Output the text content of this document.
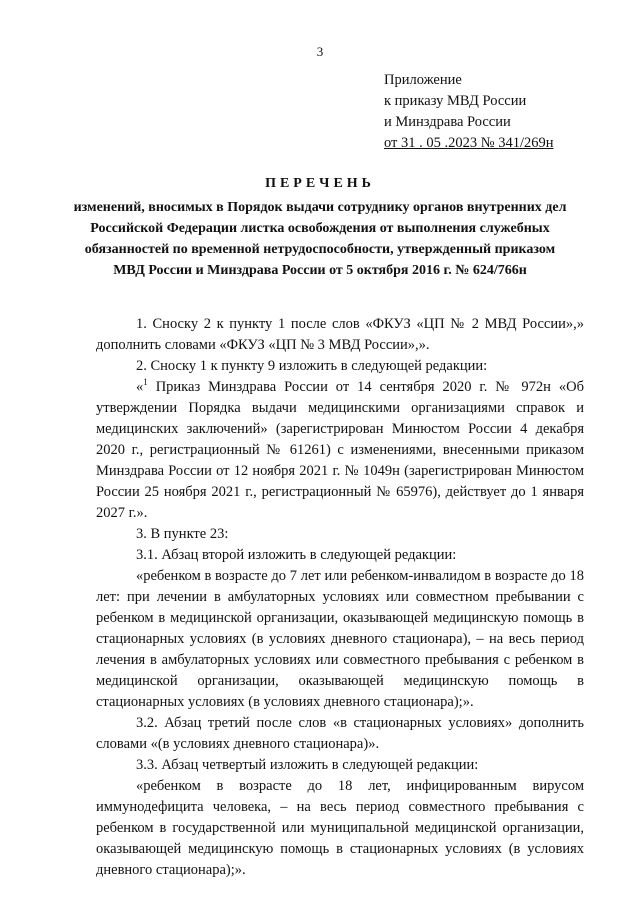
3
Приложение
к приказу МВД России
и Минздрава России
от 31 . 05 .2023 № 341/269н
ПЕРЕЧЕНЬ
изменений, вносимых в Порядок выдачи сотруднику органов внутренних дел Российской Федерации листка освобождения от выполнения служебных обязанностей по временной нетрудоспособности, утвержденный приказом МВД России и Минздрава России от 5 октября 2016 г. № 624/766н

1. Сноску 2 к пункту 1 после слов «ФКУЗ «ЦП № 2 МВД России»,» дополнить словами «ФКУЗ «ЦП № 3 МВД России»,».

2. Сноску 1 к пункту 9 изложить в следующей редакции:

«$^1$ Приказ Минздрава России от 14 сентября 2020 г. № 972н «Об утверждении Порядка выдачи медицинскими организациями справок и медицинских заключений» (зарегистрирован Минюстом России 4 декабря 2020 г., регистрационный № 61261) с изменениями, внесенными приказом Минздрава России от 12 ноября 2021 г. № 1049н (зарегистрирован Минюстом России 25 ноября 2021 г., регистрационный № 65976), действует до 1 января 2027 г.».

3. В пункте 23:

3.1. Абзац второй изложить в следующей редакции:

«ребенком в возрасте до 7 лет или ребенком-инвалидом в возрасте до 18 лет: при лечении в амбулаторных условиях или совместном пребывании с ребенком в медицинской организации, оказывающей медицинскую помощь в стационарных условиях (в условиях дневного стационара), – на весь период лечения в амбулаторных условиях или совместного пребывания с ребенком в медицинской организации, оказывающей медицинскую помощь в стационарных условиях (в условиях дневного стационара);».

3.2. Абзац третий после слов «в стационарных условиях» дополнить словами «(в условиях дневного стационара)».

3.3. Абзац четвертый изложить в следующей редакции:

«ребенком в возрасте до 18 лет, инфицированным вирусом иммунодефицита человека, – на весь период совместного пребывания с ребенком в государственной или муниципальной медицинской организации, оказывающей медицинскую помощь в стационарных условиях (в условиях дневного стационара);».
